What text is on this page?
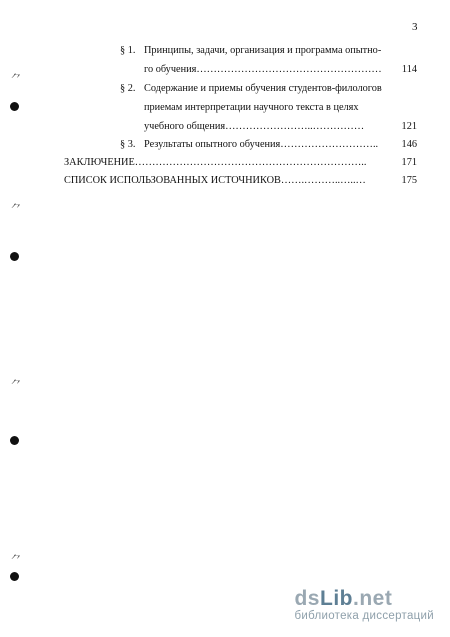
3
§ 1. Принципы, задачи, организация и программа опытно-
го обучения………………………………………………	114
§ 2. Содержание и приемы обучения студентов-филологов
приемам интерпретации научного текста в целях
учебного общения……………………..……………	121
§ 3. Результаты опытного обучения………………………..	146
ЗАКЛЮЧЕНИЕ…………………………………………………………..	171
СПИСОК ИСПОЛЬЗОВАННЫХ ИСТОЧНИКОВ…….………..…..…	175
⺈
⺈
⺈
⺈
dsLib.net
библиотека диссертаций
